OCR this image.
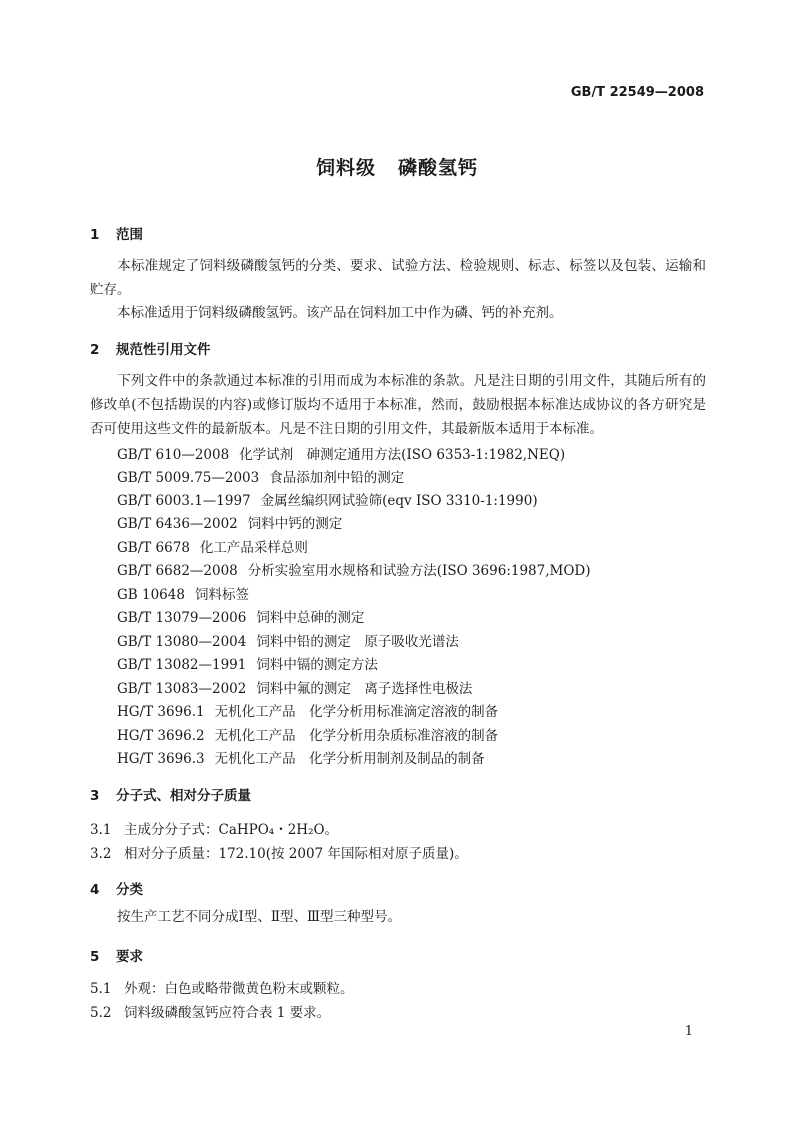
GB/T 22549—2008
饲料级 磷酸氢钙
1 范围
本标准规定了饲料级磷酸氢钙的分类、要求、试验方法、检验规则、标志、标签以及包装、运输和贮存。
本标准适用于饲料级磷酸氢钙。该产品在饲料加工中作为磷、钙的补充剂。
2 规范性引用文件
下列文件中的条款通过本标准的引用而成为本标准的条款。凡是注日期的引用文件，其随后所有的修改单(不包括勘误的内容)或修订版均不适用于本标准，然而，鼓励根据本标准达成协议的各方研究是否可使用这些文件的最新版本。凡是不注日期的引用文件，其最新版本适用于本标准。
GB/T 610—2008 化学试剂　砷测定通用方法(ISO 6353-1:1982,NEQ)
GB/T 5009.75—2003 食品添加剂中铅的测定
GB/T 6003.1—1997 金属丝编织网试验筛(eqv ISO 3310-1:1990)
GB/T 6436—2002 饲料中钙的测定
GB/T 6678 化工产品采样总则
GB/T 6682—2008 分析实验室用水规格和试验方法(ISO 3696:1987,MOD)
GB 10648 饲料标签
GB/T 13079—2006 饲料中总砷的测定
GB/T 13080—2004 饲料中铅的测定　原子吸收光谱法
GB/T 13082—1991 饲料中镉的测定方法
GB/T 13083—2002 饲料中氟的测定　离子选择性电极法
HG/T 3696.1 无机化工产品　化学分析用标准滴定溶液的制备
HG/T 3696.2 无机化工产品　化学分析用杂质标准溶液的制备
HG/T 3696.3 无机化工产品　化学分析用制剂及制品的制备
3 分子式、相对分子质量
3.1 主成分分子式：CaHPO₄・2H₂O。
3.2 相对分子质量：172.10(按 2007 年国际相对原子质量)。
4 分类
按生产工艺不同分成Ⅰ型、Ⅱ型、Ⅲ型三种型号。
5 要求
5.1 外观：白色或略带微黄色粉末或颗粒。
5.2 饲料级磷酸氢钙应符合表 1 要求。
1
